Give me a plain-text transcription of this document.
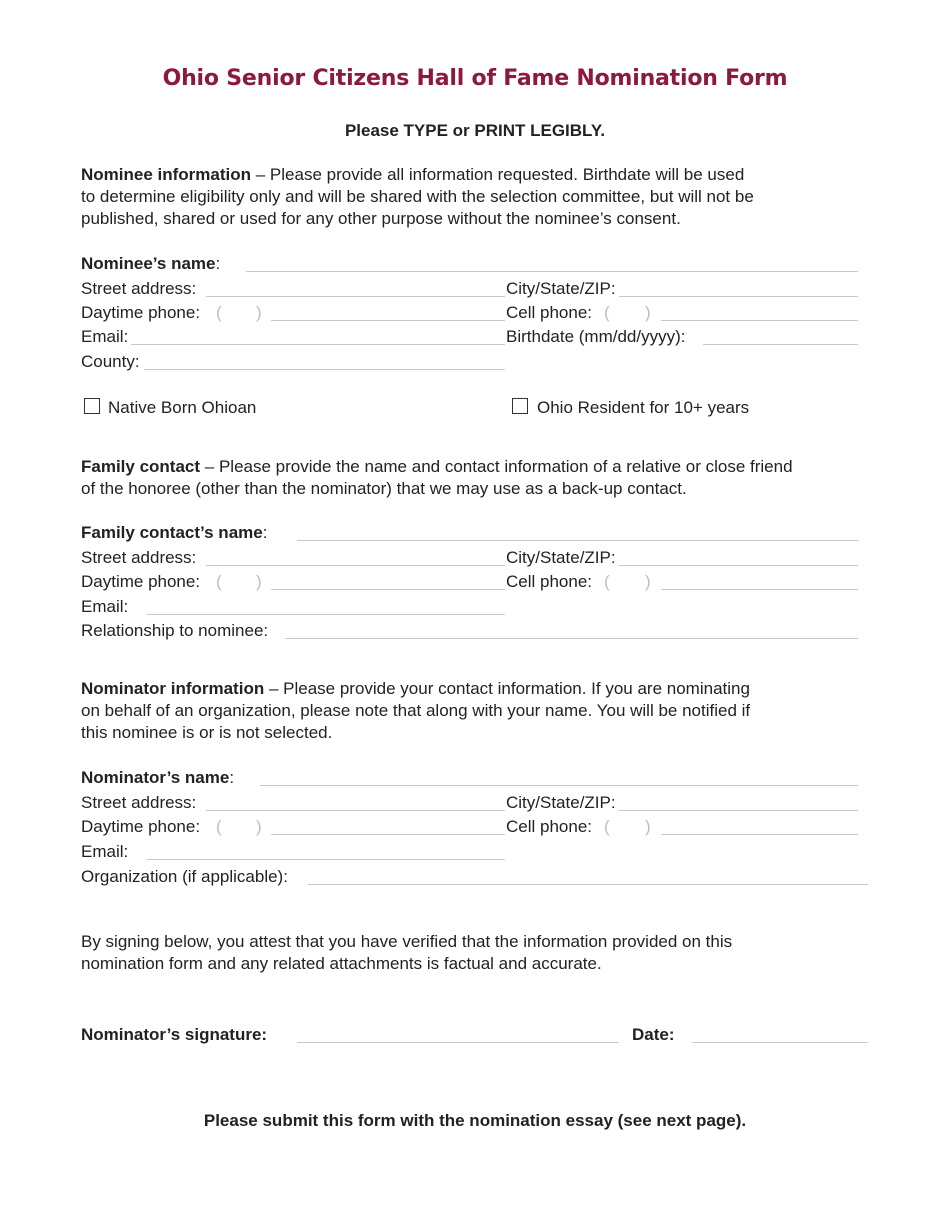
Ohio Senior Citizens Hall of Fame Nomination Form
Please TYPE or PRINT LEGIBLY.
Nominee information – Please provide all information requested. Birthdate will be used
to determine eligibility only and will be shared with the selection committee, but will not be
published, shared or used for any other purpose without the nominee’s consent.
Nominee’s name:
Street address:	City/State/ZIP:
Daytime phone: ( )	Cell phone: ( )
Email:	Birthdate (mm/dd/yyyy):
County:
Native Born Ohioan	Ohio Resident for 10+ years
Family contact – Please provide the name and contact information of a relative or close friend
of the honoree (other than the nominator) that we may use as a back-up contact.
Family contact’s name:
Street address:	City/State/ZIP:
Daytime phone: ( )	Cell phone: ( )
Email:
Relationship to nominee:
Nominator information – Please provide your contact information. If you are nominating
on behalf of an organization, please note that along with your name. You will be notified if
this nominee is or is not selected.
Nominator’s name:
Street address:	City/State/ZIP:
Daytime phone: ( )	Cell phone: ( )
Email:
Organization (if applicable):
By signing below, you attest that you have verified that the information provided on this
nomination form and any related attachments is factual and accurate.
Nominator’s signature:	Date:
Please submit this form with the nomination essay (see next page).
